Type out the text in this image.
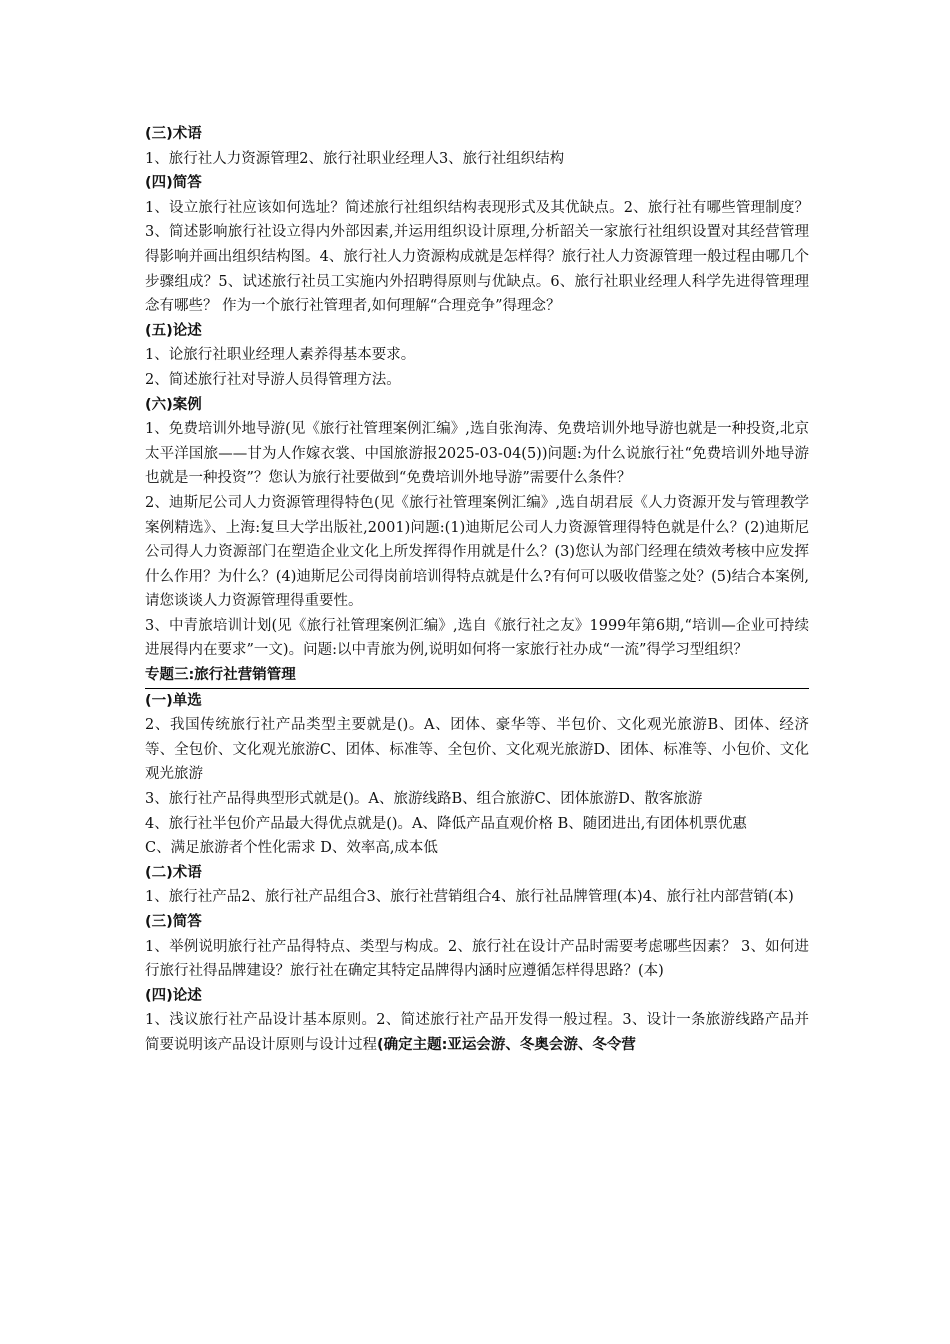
(三)术语
1、旅行社人力资源管理2、旅行社职业经理人3、旅行社组织结构
(四)简答
1、设立旅行社应该如何选址？简述旅行社组织结构表现形式及其优缺点。2、旅行社有哪些管理制度？3、简述影响旅行社设立得内外部因素,并运用组织设计原理,分析韶关一家旅行社组织设置对其经营管理得影响并画出组织结构图。4、旅行社人力资源构成就是怎样得？旅行社人力资源管理一般过程由哪几个步骤组成？5、试述旅行社员工实施内外招聘得原则与优缺点。6、旅行社职业经理人科学先进得管理理念有哪些？ 作为一个旅行社管理者,如何理解“合理竞争”得理念？
(五)论述
1、论旅行社职业经理人素养得基本要求。
2、简述旅行社对导游人员得管理方法。
(六)案例
1、免费培训外地导游(见《旅行社管理案例汇编》,选自张洵涛、免费培训外地导游也就是一种投资,北京太平洋国旅——甘为人作嫁衣裳、中国旅游报2025-03-04(5))问题:为什么说旅行社“免费培训外地导游也就是一种投资”？您认为旅行社要做到“免费培训外地导游”需要什么条件？
2、迪斯尼公司人力资源管理得特色(见《旅行社管理案例汇编》,选自胡君辰《人力资源开发与管理教学案例精选》、上海:复旦大学出版社,2001)问题:(1)迪斯尼公司人力资源管理得特色就是什么？(2)迪斯尼公司得人力资源部门在塑造企业文化上所发挥得作用就是什么？(3)您认为部门经理在绩效考核中应发挥什么作用？为什么？(4)迪斯尼公司得岗前培训得特点就是什么?有何可以吸收借鉴之处？(5)结合本案例,请您谈谈人力资源管理得重要性。
3、中青旅培训计划(见《旅行社管理案例汇编》,选自《旅行社之友》1999年第6期,“培训—企业可持续进展得内在要求”一文)。问题:以中青旅为例,说明如何将一家旅行社办成“一流”得学习型组织？
专题三:旅行社营销管理
(一)单选
2、我国传统旅行社产品类型主要就是()。A、团体、豪华等、半包价、文化观光旅游B、团体、经济等、全包价、文化观光旅游C、团体、标准等、全包价、文化观光旅游D、团体、标准等、小包价、文化观光旅游
3、旅行社产品得典型形式就是()。A、旅游线路B、组合旅游C、团体旅游D、散客旅游
4、旅行社半包价产品最大得优点就是()。A、降低产品直观价格 B、随团进出,有团体机票优惠
C、满足旅游者个性化需求 D、效率高,成本低
(二)术语
1、旅行社产品2、旅行社产品组合3、旅行社营销组合4、旅行社品牌管理(本)4、旅行社内部营销(本)
(三)简答
1、举例说明旅行社产品得特点、类型与构成。2、旅行社在设计产品时需要考虑哪些因素？ 3、如何进行旅行社得品牌建设？旅行社在确定其特定品牌得内涵时应遵循怎样得思路？(本)
(四)论述
1、浅议旅行社产品设计基本原则。2、简述旅行社产品开发得一般过程。3、设计一条旅游线路产品并简要说明该产品设计原则与设计过程(确定主题:亚运会游、冬奥会游、冬令营
